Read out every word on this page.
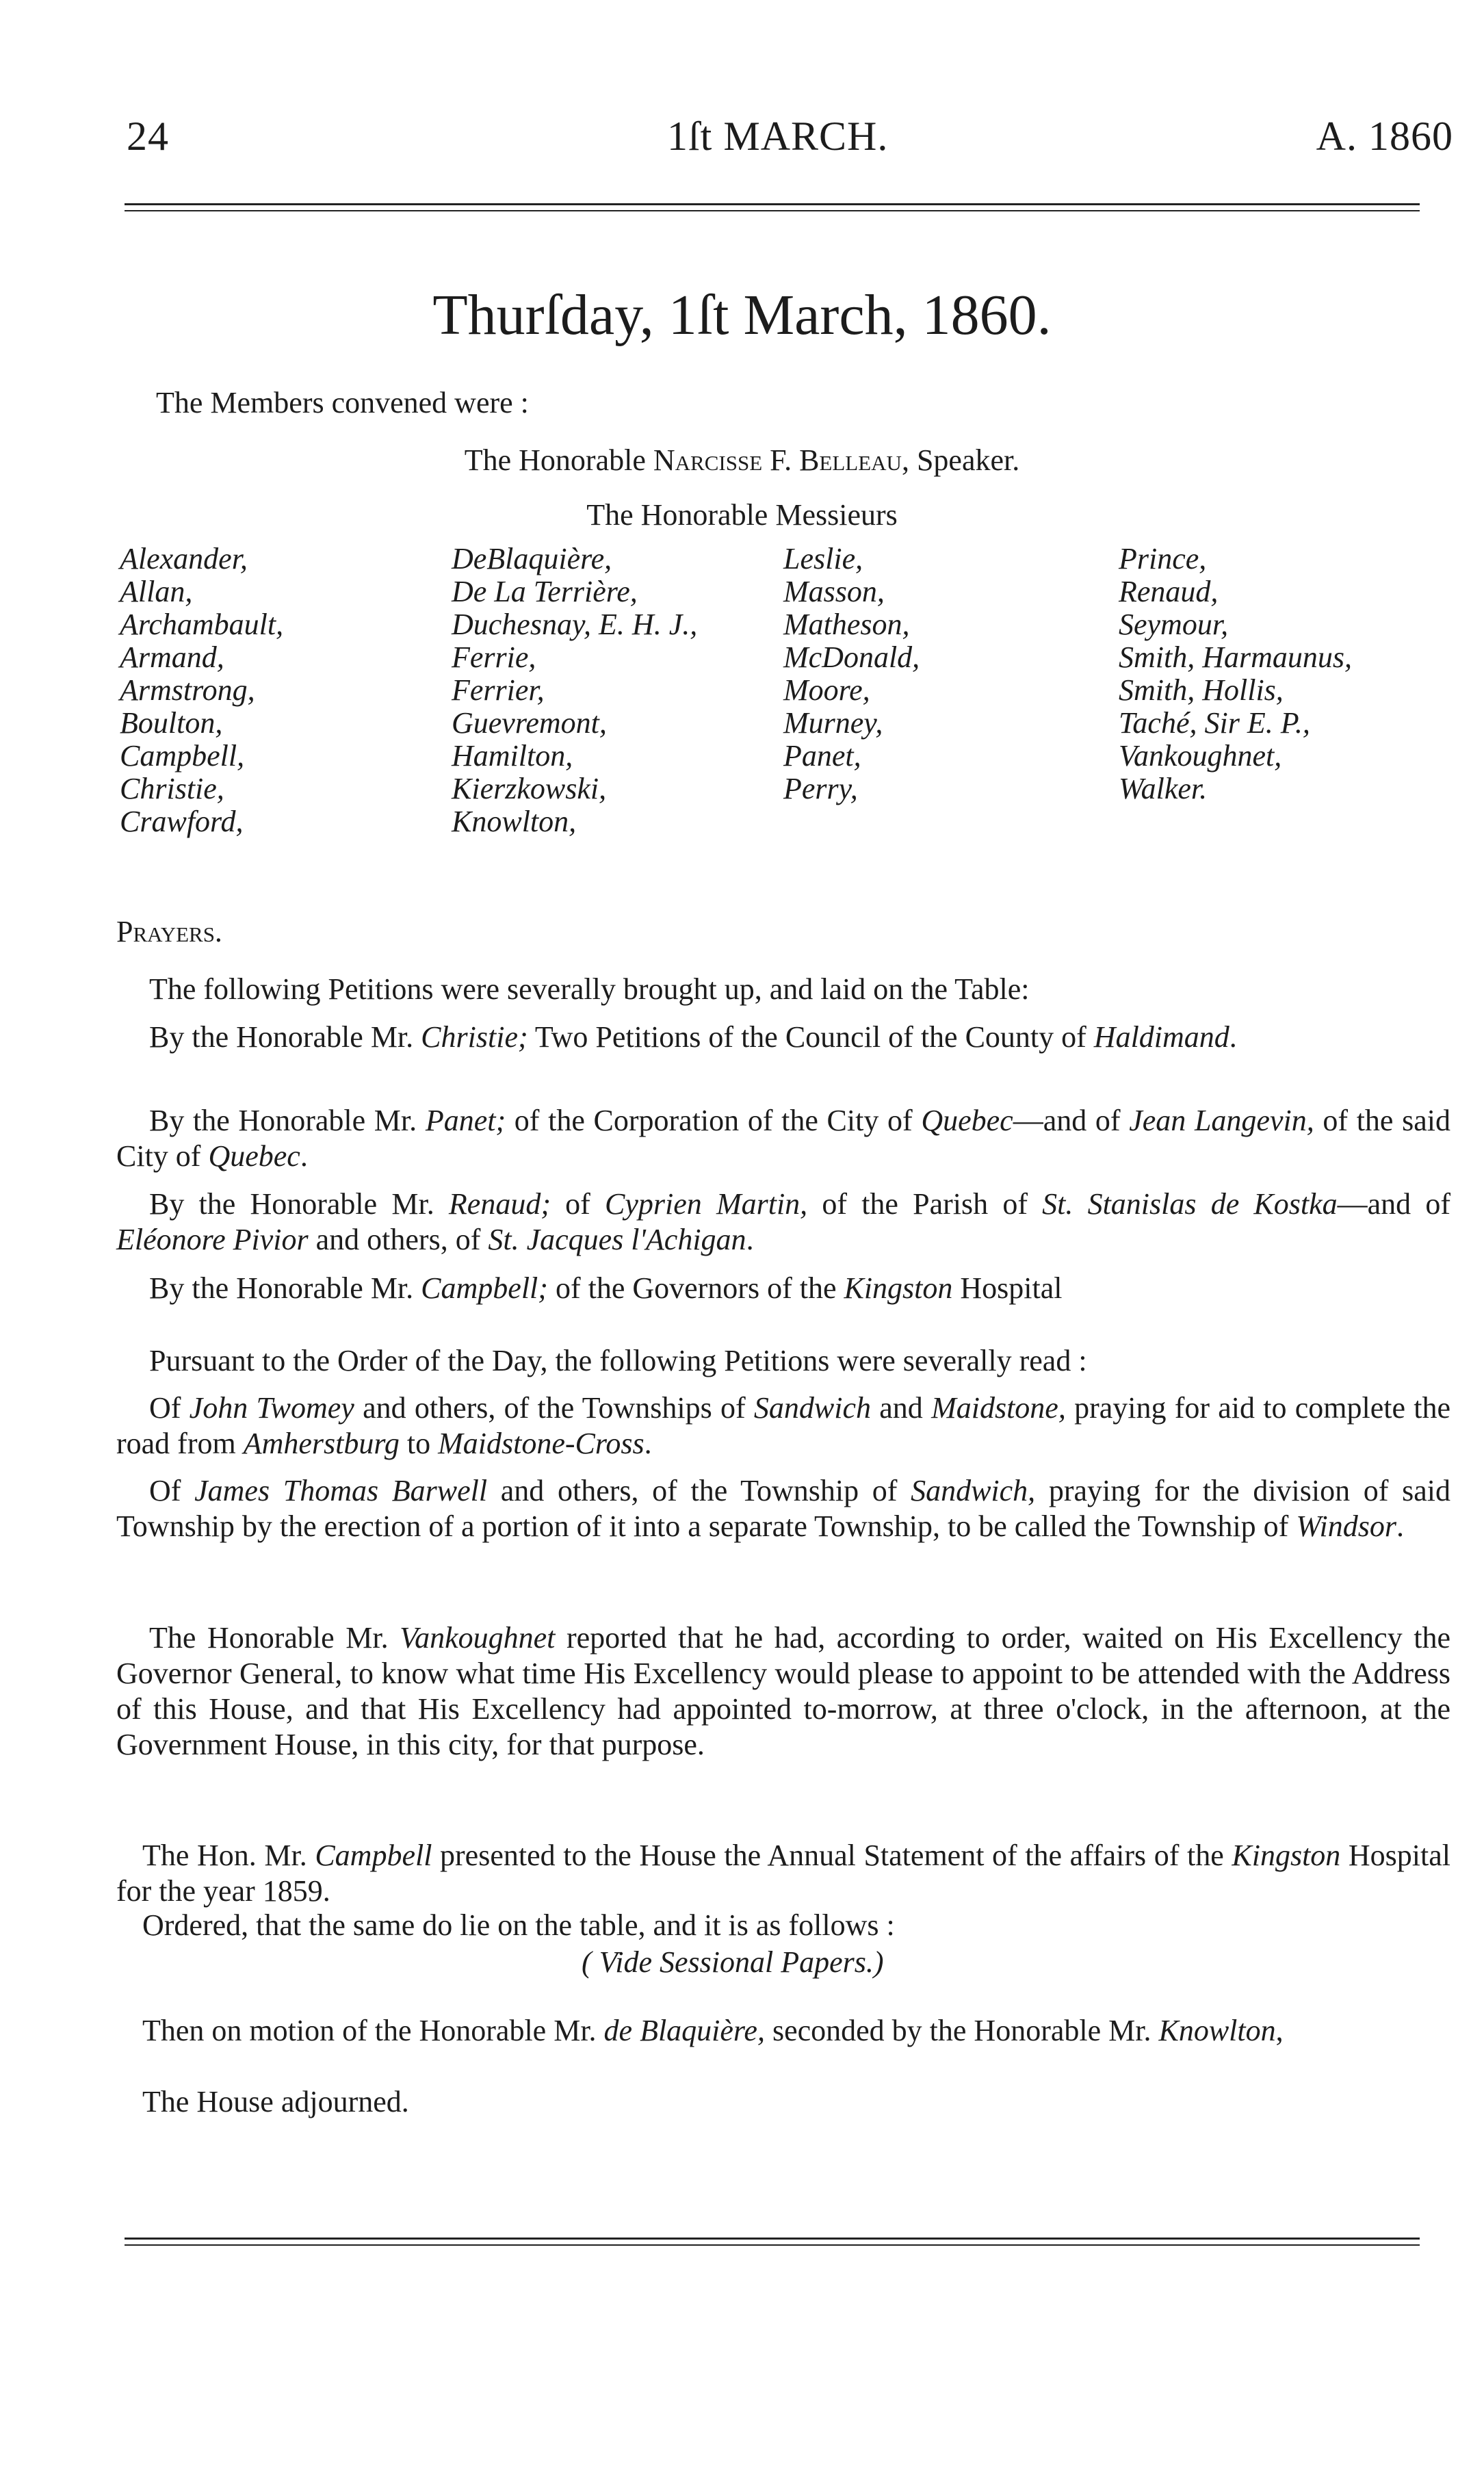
24	1ſt MARCH.	A. 1860
Thurſday, 1ſt March, 1860.
The Members convened were :
The Honorable Narcisse F. Belleau, Speaker.
The Honorable Messieurs
Alexander,
Allan,
Archambault,
Armand,
Armstrong,
Boulton,
Campbell,
Christie,
Crawford,
DeBlaquière,
De La Terrière,
Duchesnay, E. H. J.,
Ferrie,
Ferrier,
Guevremont,
Hamilton,
Kierzkowski,
Knowlton,
Leslie,
Masson,
Matheson,
McDonald,
Moore,
Murney,
Panet,
Perry,
Prince,
Renaud,
Seymour,
Smith, Harmaunus,
Smith, Hollis,
Taché, Sir E. P.,
Vankoughnet,
Walker.
Prayers.
The following Petitions were severally brought up, and laid on the Table:
By the Honorable Mr. Christie; Two Petitions of the Council of the County of Haldimand.
By the Honorable Mr. Panet; of the Corporation of the City of Quebec—and of Jean Langevin, of the said City of Quebec.
By the Honorable Mr. Renaud; of Cyprien Martin, of the Parish of St. Stanislas de Kostka—and of Eléonore Pivior and others, of St. Jacques l'Achigan.
By the Honorable Mr. Campbell; of the Governors of the Kingston Hospital
Pursuant to the Order of the Day, the following Petitions were severally read :
Of John Twomey and others, of the Townships of Sandwich and Maidstone, praying for aid to complete the road from Amherstburg to Maidstone-Cross.
Of James Thomas Barwell and others, of the Township of Sandwich, praying for the division of said Township by the erection of a portion of it into a separate Township, to be called the Township of Windsor.
The Honorable Mr. Vankoughnet reported that he had, according to order, waited on His Excellency the Governor General, to know what time His Excellency would please to appoint to be attended with the Address of this House, and that His Excellency had appointed to-morrow, at three o'clock, in the afternoon, at the Government House, in this city, for that purpose.
The Hon. Mr. Campbell presented to the House the Annual Statement of the affairs of the Kingston Hospital for the year 1859.
Ordered, that the same do lie on the table, and it is as follows :
( Vide Sessional Papers.)
Then on motion of the Honorable Mr. de Blaquière, seconded by the Honorable Mr. Knowlton,
The House adjourned.
